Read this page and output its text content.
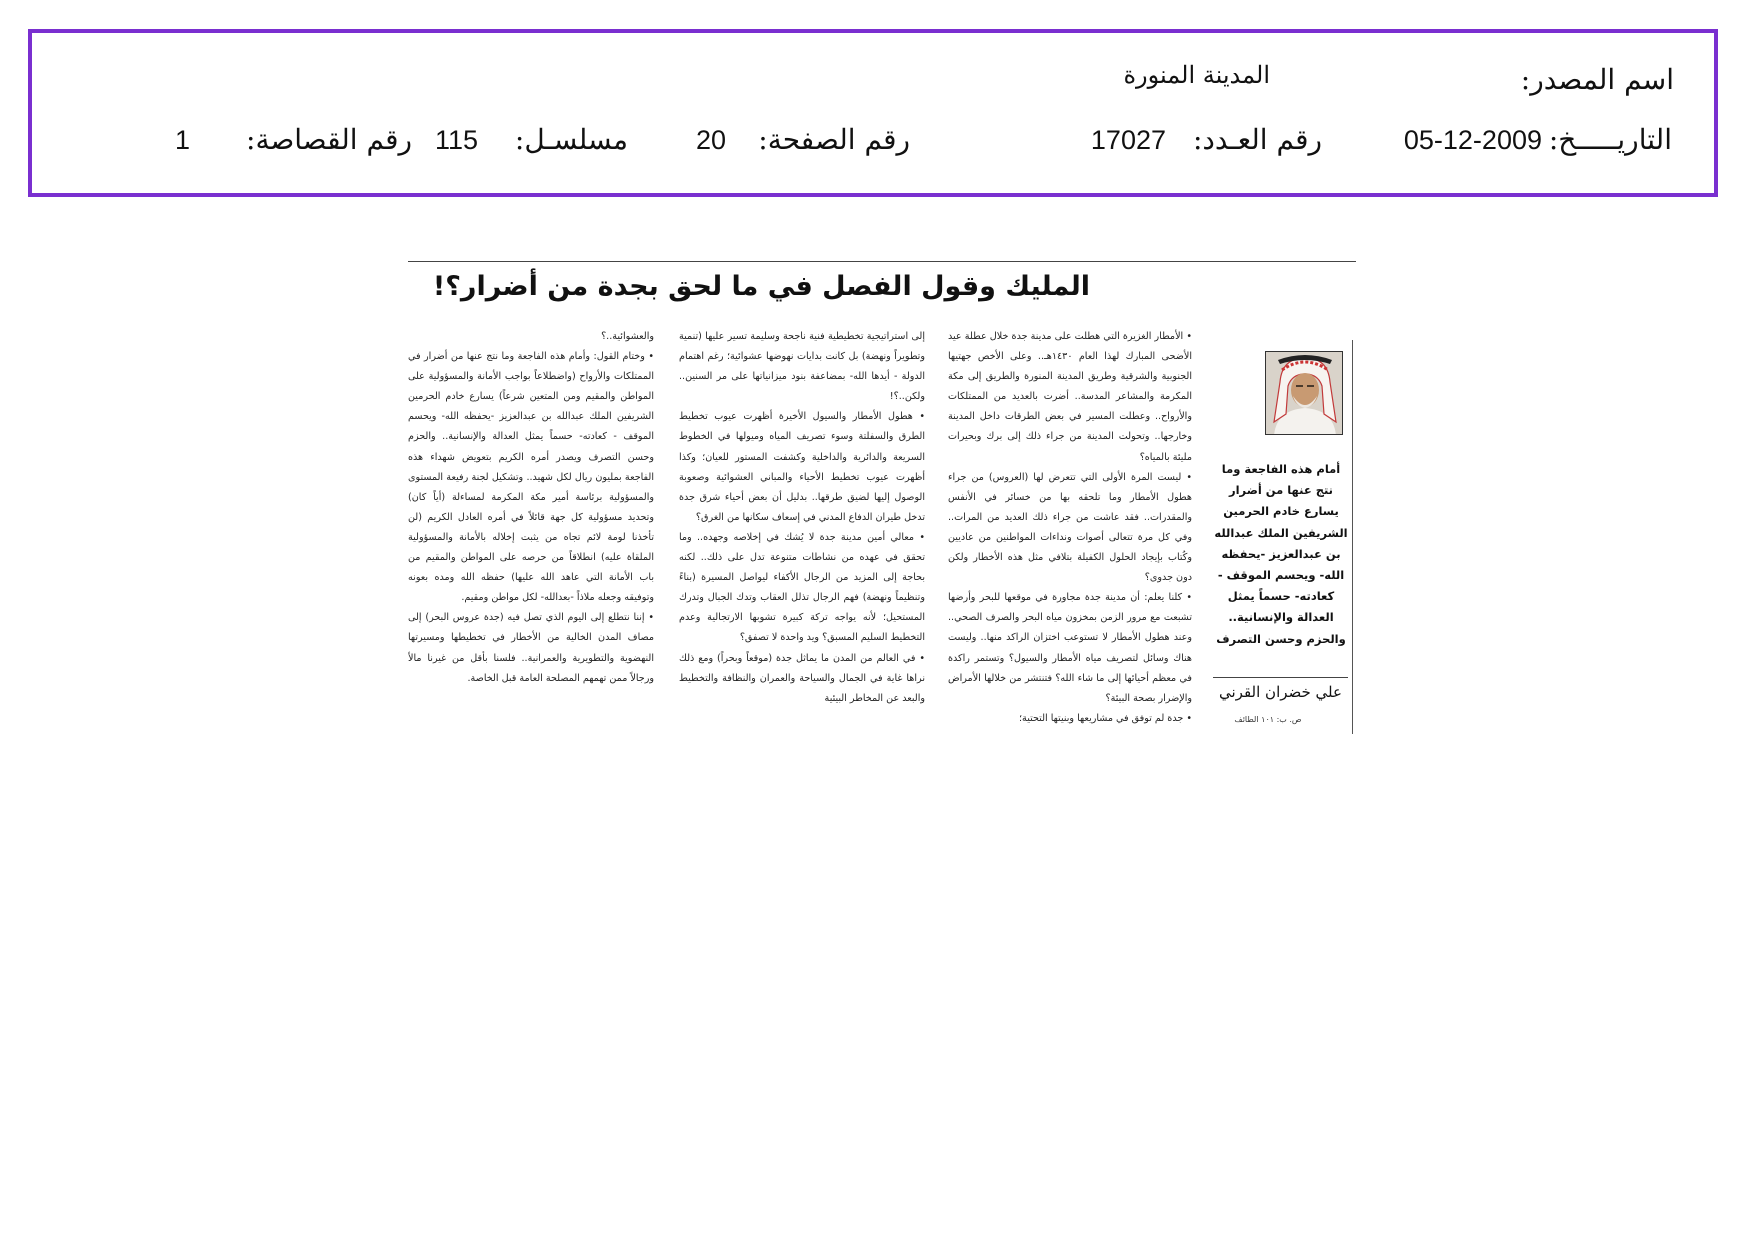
اسم المصدر:
المدينة المنورة
التاريـــــخ:
05-12-2009
رقم العـدد:
17027
رقم الصفحة:
20
مسلسـل:
115
رقم القصاصة:
1
المليك وقول الفصل في ما لحق بجدة من أضرار؟!

• الأمطار الغزيرة التي هطلت على مدينة جدة خلال عطلة عيد الأضحى المبارك لهذا العام ١٤٣٠هـ.. وعلى الأخص جهتيها الجنوبية والشرقية وطريق المدينة المنورة والطريق إلى مكة المكرمة والمشاعر المدسة.. أضرت بالعديد من الممتلكات والأرواح.. وعطلت المسير في بعض الطرقات داخل المدينة وخارجها.. وتحولت المدينة من جراء ذلك إلى برك وبحيرات مليئة بالمياه؟

• ليست المرة الأولى التي تتعرض لها (العروس) من جراء هطول الأمطار وما تلحقه بها من خسائر في الأنفس والمقدرات.. فقد عاشت من جراء ذلك العديد من المرات.. وفي كل مرة تتعالى أصوات ونداءات المواطنين من عاديين وكُتاب بإيجاد الحلول الكفيلة بتلافي مثل هذه الأخطار ولكن دون جدوى؟

• كلنا يعلم: أن مدينة جدة مجاورة في موقعها للبحر وأرضها تشبعت مع مرور الزمن بمخزون مياه البحر والصرف الصحي.. وعند هطول الأمطار لا تستوعب اختزان الراكد منها.. وليست هناك وسائل لتصريف مياه الأمطار والسيول؟ وتستمر راكدة في معظم أحيائها إلى ما شاء الله؟ فتنتشر من خلالها الأمراض والإضرار بصحة البيئة؟

• جدة لم توفق في مشاريعها وبنيتها التحتية؛

إلى استراتيجية تخطيطية فنية ناجحة وسليمة تسير عليها (تنمية وتطويراً ونهضة) بل كانت بدايات نهوضها عشوائية؛ رغم اهتمام الدولة - أيدها الله- بمضاعفة بنود ميزانياتها على مر السنين.. ولكن..؟!

• هطول الأمطار والسيول الأخيرة أظهرت عيوب تخطيط الطرق والسفلتة وسوء تصريف المياه وميولها في الخطوط السريعة والدائرية والداخلية وكشفت المستور للعيان؛ وكذا أظهرت عيوب تخطيط الأحياء والمباني العشوائية وصعوبة الوصول إليها لضيق طرقها.. بدليل أن بعض أحياء شرق جدة تدخل طيران الدفاع المدني في إسعاف سكانها من الغرق؟

• معالي أمين مدينة جدة لا يُشك في إخلاصه وجهده.. وما تحقق في عهده من نشاطات متنوعة تدل على ذلك.. لكنه بحاجة إلى المزيد من الرجال الأكفاء ليواصل المسيرة (بناءً وتنظيماً ونهضة) فهم الرجال تذلل العقاب وتدك الجبال وتدرك المستحيل؛ لأنه يواجه تركة كبيرة تشوبها الارتجالية وعدم التخطيط السليم المسبق؟ ويد واحدة لا تصفق؟

• في العالم من المدن ما يماثل جدة (موقعاً وبحراً) ومع ذلك نراها غاية في الجمال والسياحة والعمران والنظافة والتخطيط والبعد عن المخاطر البيئية

والعشوائية..؟

• وختام القول: وأمام هذه الفاجعة وما نتج عنها من أضرار في الممتلكات والأرواح (واضطلاعاً بواجب الأمانة والمسؤولية على المواطن والمقيم ومن المتعين شرعاً) يسارع خادم الحرمين الشريفين الملك عبدالله بن عبدالعزيز -يحفظه الله- ويحسم الموقف - كعادته- حسماً يمثل العدالة والإنسانية.. والحزم وحسن التصرف ويصدر أمره الكريم بتعويض شهداء هذه الفاجعة بمليون ريال لكل شهيد.. وتشكيل لجنة رفيعة المستوى والمسؤولية برئاسة أمير مكة المكرمة لمساءلة (أياً كان) وتحديد مسؤولية كل جهة قائلاً في أمره العادل الكريم (لن تأخذنا لومة لائم تجاه من يثبت إخلاله بالأمانة والمسؤولية الملقاة عليه) انطلاقاً من حرصه على المواطن والمقيم من باب الأمانة التي عاهد الله عليها) حفظه الله ومده بعونه وتوفيقه وجعله ملاذاً -بعدالله- لكل مواطن ومقيم.

• إننا نتطلع إلى اليوم الذي تصل فيه (جدة عروس البحر) إلى مصاف المدن الخالية من الأخطار في تخطيطها ومسيرتها النهضوية والتطويرية والعمرانية.. فلسنا بأقل من غيرنا مالاً ورجالاً ممن تهمهم المصلحة العامة قبل الخاصة.

أمام هذه الفاجعة وما نتج عنها من أضرار يسارع خادم الحرمين الشريفين الملك عبدالله بن عبدالعزيز -يحفظه الله- ويحسم الموقف - كعادته- حسماً يمثل العدالة والإنسانية.. والحزم وحسن التصرف
علي خضران القرني
ص. ب: ١٠١ الطائف
